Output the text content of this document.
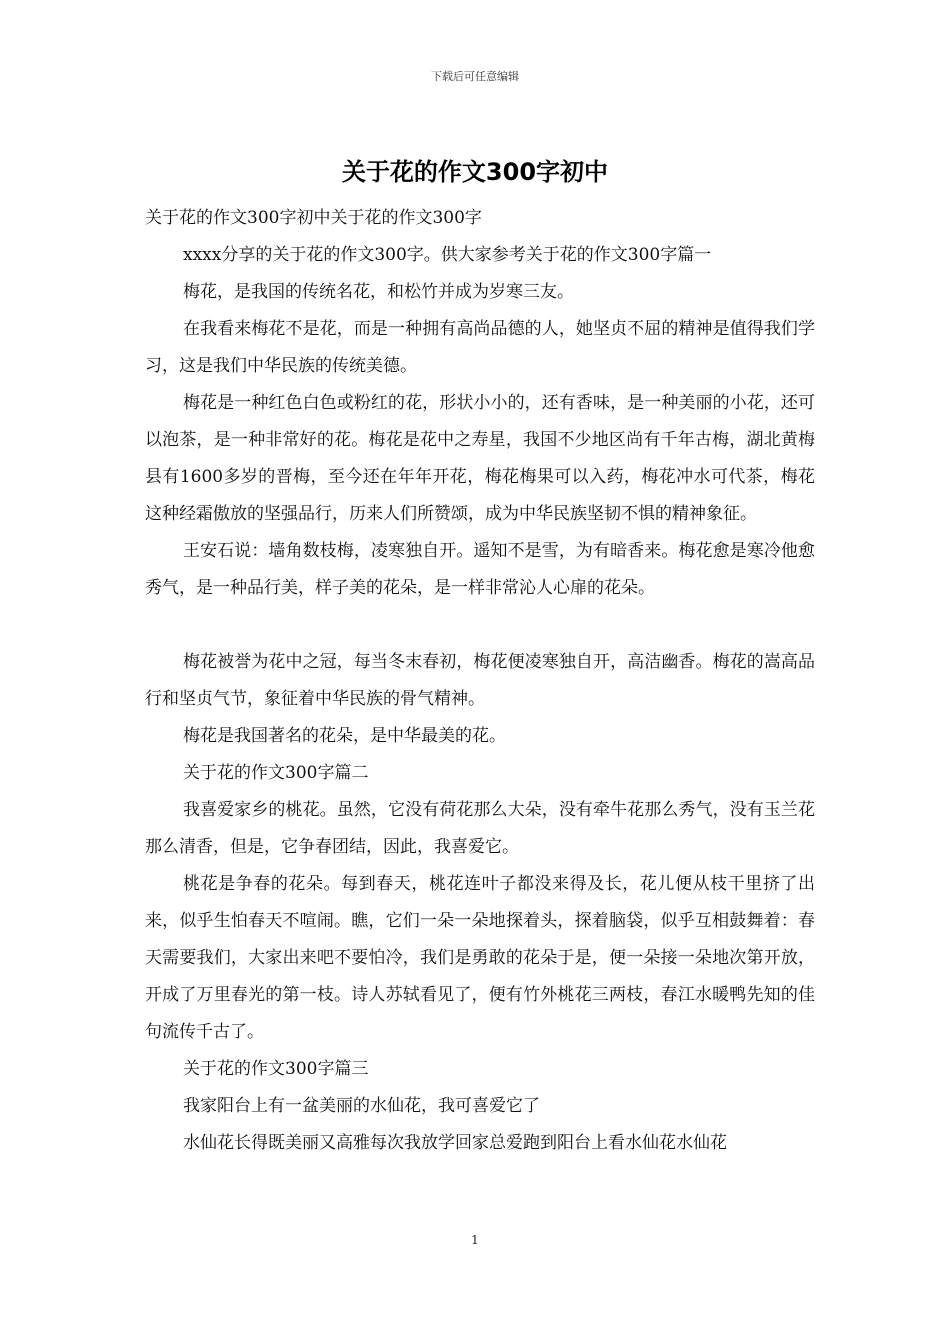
下载后可任意编辑
关于花的作文300字初中

关于花的作文300字初中关于花的作文300字

xxxx分享的关于花的作文300字。供大家参考关于花的作文300字篇一

梅花，是我国的传统名花，和松竹并成为岁寒三友。

在我看来梅花不是花，而是一种拥有高尚品德的人，她坚贞不屈的精神是值得我们学习，这是我们中华民族的传统美德。

梅花是一种红色白色或粉红的花，形状小小的，还有香味，是一种美丽的小花，还可以泡茶，是一种非常好的花。梅花是花中之寿星，我国不少地区尚有千年古梅，湖北黄梅县有1600多岁的晋梅，至今还在年年开花，梅花梅果可以入药，梅花冲水可代茶，梅花这种经霜傲放的坚强品行，历来人们所赞颂，成为中华民族坚韧不惧的精神象征。

王安石说：墙角数枝梅，凌寒独自开。遥知不是雪，为有暗香来。梅花愈是寒冷他愈秀气，是一种品行美，样子美的花朵，是一样非常沁人心扉的花朵。

梅花被誉为花中之冠，每当冬末春初，梅花便凌寒独自开，高洁幽香。梅花的嵩高品行和坚贞气节，象征着中华民族的骨气精神。

梅花是我国著名的花朵，是中华最美的花。

关于花的作文300字篇二

我喜爱家乡的桃花。虽然，它没有荷花那么大朵，没有牵牛花那么秀气，没有玉兰花那么清香，但是，它争春团结，因此，我喜爱它。

桃花是争春的花朵。每到春天，桃花连叶子都没来得及长，花儿便从枝干里挤了出来，似乎生怕春天不喧闹。瞧，它们一朵一朵地探着头，探着脑袋，似乎互相鼓舞着：春天需要我们，大家出来吧不要怕冷，我们是勇敢的花朵于是，便一朵接一朵地次第开放，开成了万里春光的第一枝。诗人苏轼看见了，便有竹外桃花三两枝，春江水暖鸭先知的佳句流传千古了。

关于花的作文300字篇三

我家阳台上有一盆美丽的水仙花，我可喜爱它了

水仙花长得既美丽又高雅每次我放学回家总爱跑到阳台上看水仙花水仙花

1
